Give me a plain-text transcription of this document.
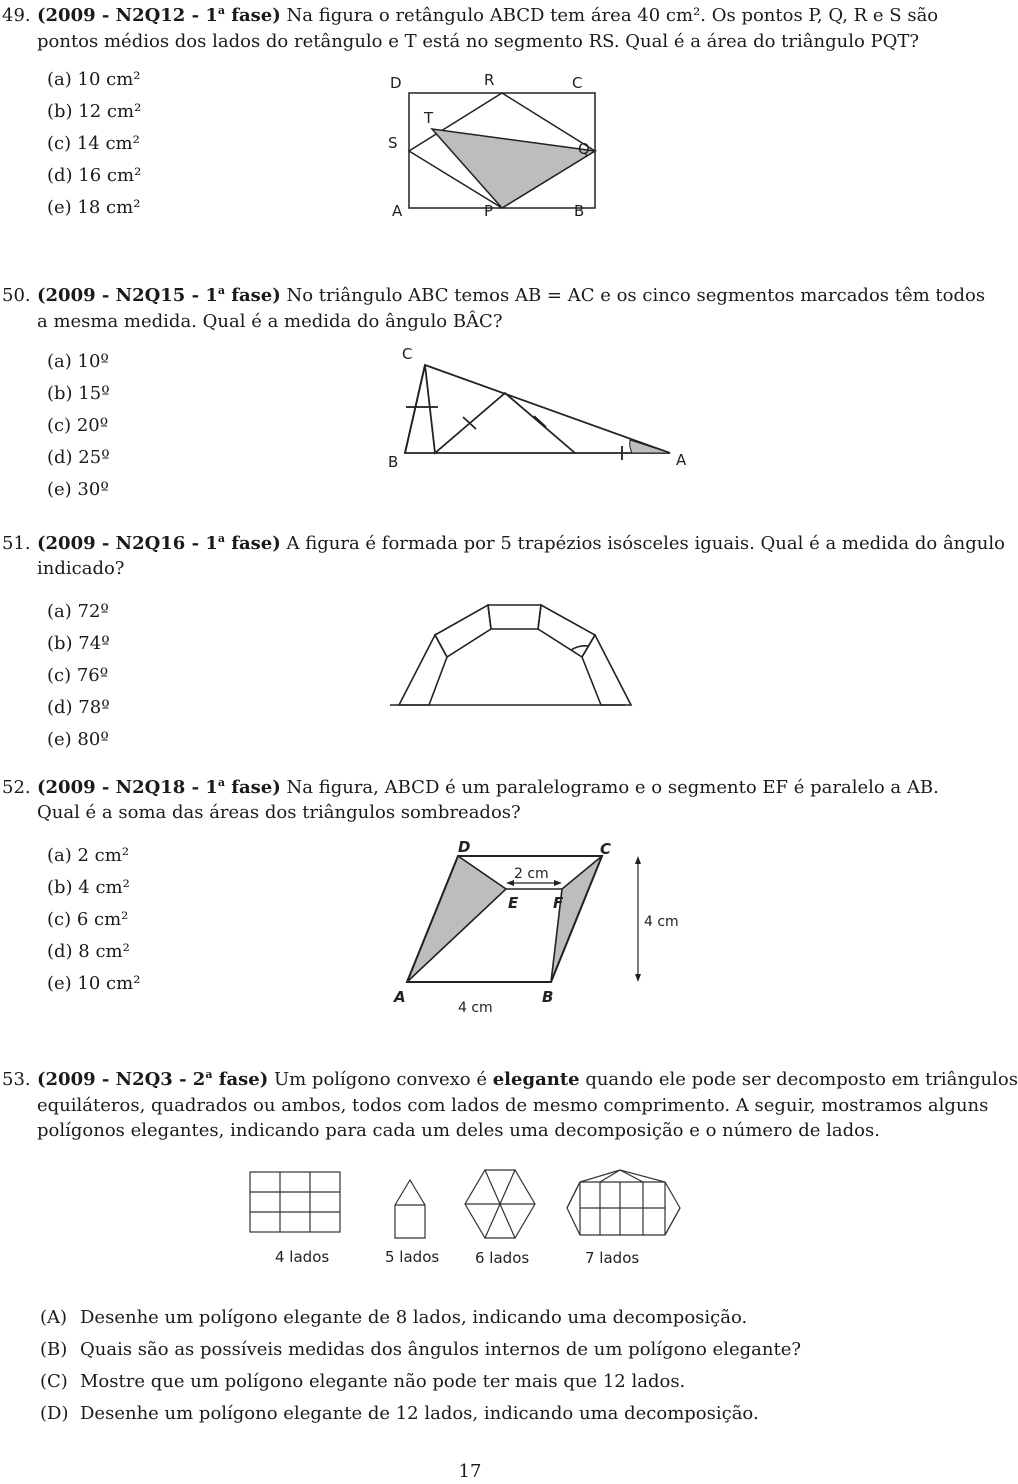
49. (2009 - N2Q12 - 1$^a$ fase) Na figura o retângulo ABCD tem área 40 cm². Os pontos P, Q, R e S são
pontos médios dos lados do retângulo e T está no segmento RS. Qual é a área do triângulo PQT?
(a) 10 cm²
(b) 12 cm²
(c) 14 cm²
(d) 16 cm²
(e) 18 cm²
D	R	C
T
S	Q
A	P	B
50. (2009 - N2Q15 - 1$^a$ fase) No triângulo ABC temos AB = AC e os cinco segmentos marcados têm todos
a mesma medida. Qual é a medida do ângulo BÂC?
(a) 10º
(b) 15º
(c) 20º
(d) 25º
(e) 30º
C
B	A
51. (2009 - N2Q16 - 1$^a$ fase) A figura é formada por 5 trapézios isósceles iguais. Qual é a medida do ângulo
indicado?
(a) 72º
(b) 74º
(c) 76º
(d) 78º
(e) 80º
52. (2009 - N2Q18 - 1$^a$ fase) Na figura, ABCD é um paralelogramo e o segmento EF é paralelo a AB.
Qual é a soma das áreas dos triângulos sombreados?
(a) 2 cm²
(b) 4 cm²
(c) 6 cm²
(d) 8 cm²
(e) 10 cm²
D	C
E F
A	B
2 cm
4 cm
4 cm
53. (2009 - N2Q3 - 2$^a$ fase) Um polígono convexo é elegante quando ele pode ser decomposto em triângulos
equiláteros, quadrados ou ambos, todos com lados de mesmo comprimento. A seguir, mostramos alguns
polígonos elegantes, indicando para cada um deles uma decomposição e o número de lados.
4 lados	5 lados 6 lados	7 lados
(A) Desenhe um polígono elegante de 8 lados, indicando uma decomposição.
(B) Quais são as possíveis medidas dos ângulos internos de um polígono elegante?
(C) Mostre que um polígono elegante não pode ter mais que 12 lados.
(D) Desenhe um polígono elegante de 12 lados, indicando uma decomposição.
17
